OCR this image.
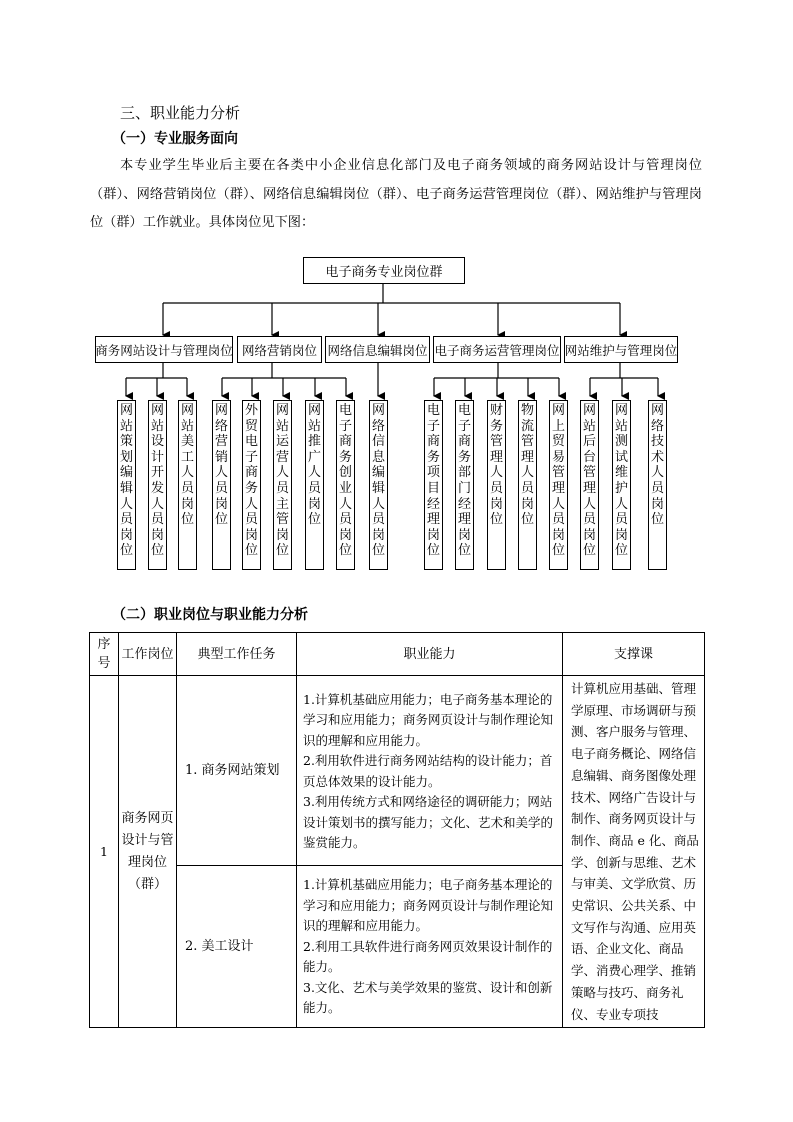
三、职业能力分析
（一）专业服务面向
本专业学生毕业后主要在各类中小企业信息化部门及电子商务领域的商务网站设计与管理岗位（群）、网络营销岗位（群）、网络信息编辑岗位（群）、电子商务运营管理岗位（群）、网站维护与管理岗位（群）工作就业。具体岗位见下图：
电子商务专业岗位群
商务网站设计与管理岗位 网络营销岗位 网络信息编辑岗位 电子商务运营管理岗位 网站维护与管理岗位
网站策划编辑人员岗位
网站设计开发人员岗位
网站美工人员岗位
网络营销人员岗位
外贸电子商务人员岗位
网站运营人员主管岗位
网站推广人员岗位
电子商务创业人员岗位
网络信息编辑人员岗位
电子商务项目经理岗位
电子商务部门经理岗位
财务管理人员岗位
物流管理人员岗位
网上贸易管理人员岗位
网站后台管理人员岗位
网站测试维护人员岗位
网络技术人员岗位
（二）职业岗位与职业能力分析
序号	工作岗位	典型工作任务	职业能力	支撑课
1	商务网页设计与管理岗位（群）	1. 商务网站策划	1.计算机基础应用能力；电子商务基本理论的学习和应用能力；商务网页设计与制作理论知识的理解和应用能力。
2.利用软件进行商务网站结构的设计能力；首页总体效果的设计能力。
3.利用传统方式和网络途径的调研能力；网站设计策划书的撰写能力；文化、艺术和美学的鉴赏能力。	计算机应用基础、管理学原理、市场调研与预测、客户服务与管理、电子商务概论、网络信息编辑、商务图像处理技术、网络广告设计与制作、商务网页设计与制作、商品 e 化、商品学、创新与思维、艺术与审美、文学欣赏、历史常识、公共关系、中文写作与沟通、应用英语、企业文化、商品学、消费心理学、推销策略与技巧、商务礼仪、专业专项技
		2. 美工设计	1.计算机基础应用能力；电子商务基本理论的学习和应用能力；商务网页设计与制作理论知识的理解和应用能力。
2.利用工具软件进行商务网页效果设计制作的能力。
3.文化、艺术与美学效果的鉴赏、设计和创新能力。	
